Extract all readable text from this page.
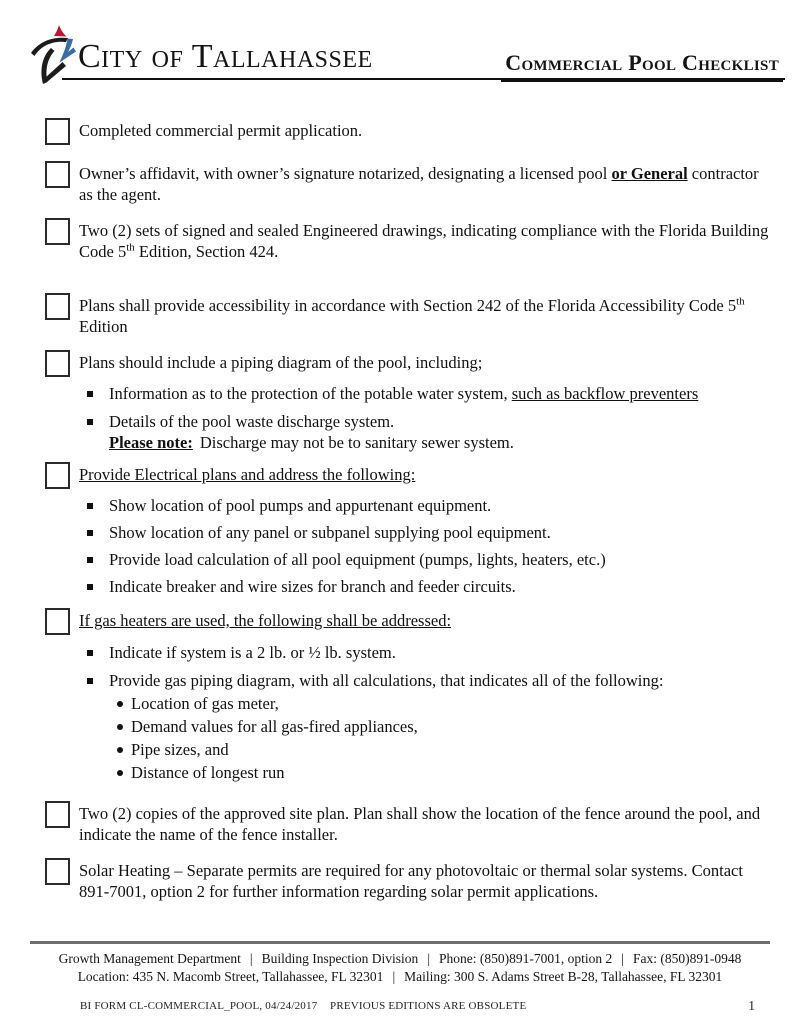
City of Tallahassee	Commercial Pool Checklist
Completed commercial permit application.
Owner’s affidavit, with owner’s signature notarized, designating a licensed pool or General contractor as the agent.
Two (2) sets of signed and sealed Engineered drawings, indicating compliance with the Florida Building Code 5th Edition, Section 424.
Plans shall provide accessibility in accordance with Section 242 of the Florida Accessibility Code 5th Edition
Plans should include a piping diagram of the pool, including;
Information as to the protection of the potable water system, such as backflow preventers
Details of the pool waste discharge system.
Please note: Discharge may not be to sanitary sewer system.
Provide Electrical plans and address the following:
Show location of pool pumps and appurtenant equipment.
Show location of any panel or subpanel supplying pool equipment.
Provide load calculation of all pool equipment (pumps, lights, heaters, etc.)
Indicate breaker and wire sizes for branch and feeder circuits.
If gas heaters are used, the following shall be addressed:
Indicate if system is a 2 lb. or ½ lb. system.
Provide gas piping diagram, with all calculations, that indicates all of the following:
Location of gas meter,
Demand values for all gas-fired appliances,
Pipe sizes, and
Distance of longest run
Two (2) copies of the approved site plan. Plan shall show the location of the fence around the pool, and indicate the name of the fence installer.
Solar Heating – Separate permits are required for any photovoltaic or thermal solar systems. Contact 891-7001, option 2 for further information regarding solar permit applications.
Growth Management Department | Building Inspection Division | Phone: (850)891-7001, option 2 | Fax: (850)891-0948
Location: 435 N. Macomb Street, Tallahassee, FL 32301 | Mailing: 300 S. Adams Street B-28, Tallahassee, FL 32301
BI FORM CL-COMMERCIAL_POOL, 04/24/2017 PREVIOUS EDITIONS ARE OBSOLETE	1
